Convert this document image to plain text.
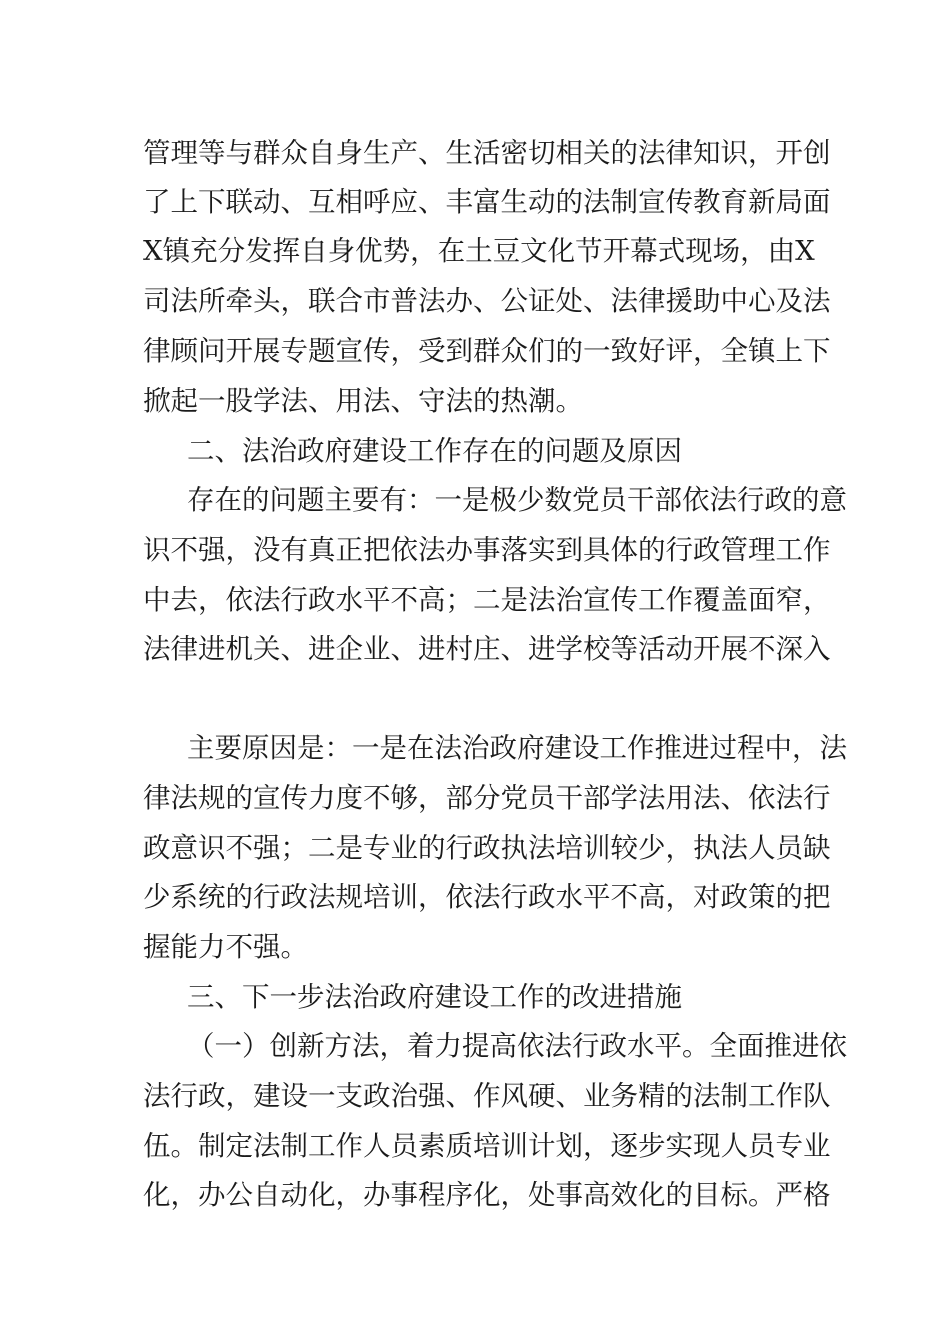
管理等与群众自身生产、生活密切相关的法律知识，开创
了上下联动、互相呼应、丰富生动的法制宣传教育新局面
X镇充分发挥自身优势，在土豆文化节开幕式现场，由X
司法所牵头，联合市普法办、公证处、法律援助中心及法
律顾问开展专题宣传，受到群众们的一致好评，全镇上下
掀起一股学法、用法、守法的热潮。
二、法治政府建设工作存在的问题及原因
存在的问题主要有：一是极少数党员干部依法行政的意
识不强，没有真正把依法办事落实到具体的行政管理工作
中去，依法行政水平不高；二是法治宣传工作覆盖面窄，
法律进机关、进企业、进村庄、进学校等活动开展不深入
主要原因是：一是在法治政府建设工作推进过程中，法
律法规的宣传力度不够，部分党员干部学法用法、依法行
政意识不强；二是专业的行政执法培训较少，执法人员缺
少系统的行政法规培训，依法行政水平不高，对政策的把
握能力不强。
三、下一步法治政府建设工作的改进措施
（一）创新方法，着力提高依法行政水平。全面推进依
法行政，建设一支政治强、作风硬、业务精的法制工作队
伍。制定法制工作人员素质培训计划，逐步实现人员专业
化，办公自动化，办事程序化，处事高效化的目标。严格
